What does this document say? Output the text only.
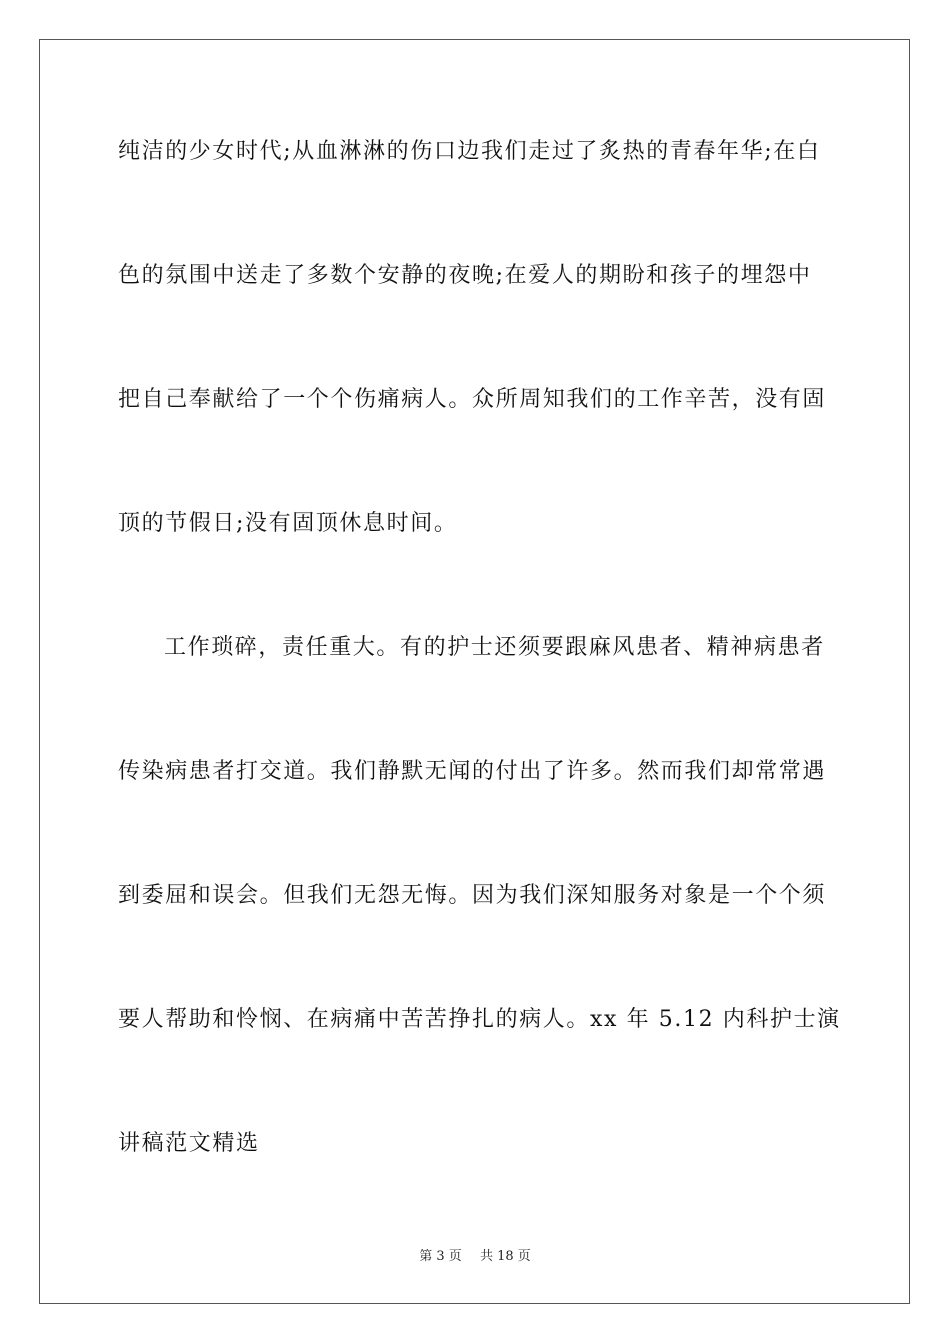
纯洁的少女时代;从血淋淋的伤口边我们走过了炙热的青春年华;在白
色的氛围中送走了多数个安静的夜晚;在爱人的期盼和孩子的埋怨中
把自己奉献给了一个个伤痛病人。众所周知我们的工作辛苦，没有固
顶的节假日;没有固顶休息时间。
工作琐碎，责任重大。有的护士还须要跟麻风患者、精神病患者
传染病患者打交道。我们静默无闻的付出了许多。然而我们却常常遇
到委屈和误会。但我们无怨无悔。因为我们深知服务对象是一个个须
要人帮助和怜悯、在病痛中苦苦挣扎的病人。xx 年 5.12 内科护士演
讲稿范文精选
第 3 页 共 18 页
